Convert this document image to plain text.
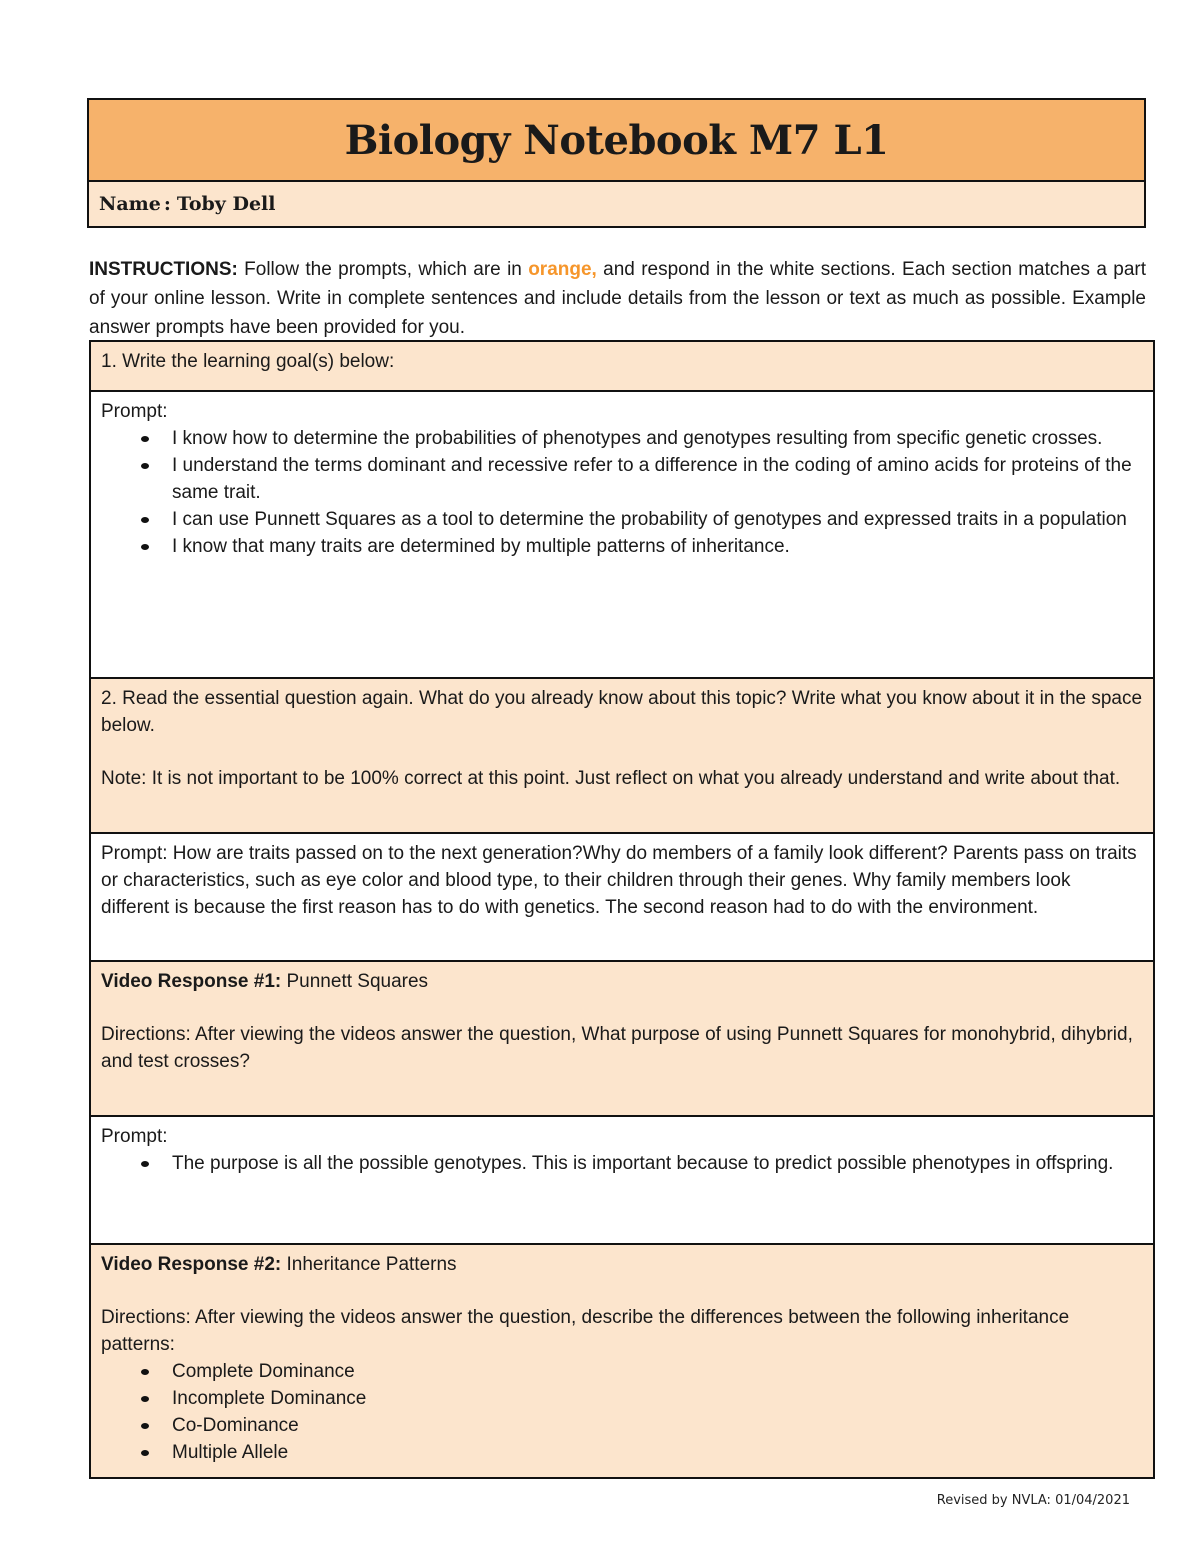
Biology Notebook M7 L1
Name : Toby Dell
INSTRUCTIONS: Follow the prompts, which are in orange, and respond in the white sections. Each section matches a part of your online lesson. Write in complete sentences and include details from the lesson or text as much as possible. Example answer prompts have been provided for you.

1. Write the learning goal(s) below:

Prompt:

I know how to determine the probabilities of phenotypes and genotypes resulting from specific genetic crosses.
I understand the terms dominant and recessive refer to a difference in the coding of amino acids for proteins of the same trait.
I can use Punnett Squares as a tool to determine the probability of genotypes and expressed traits in a population
I know that many traits are determined by multiple patterns of inheritance.

2. Read the essential question again. What do you already know about this topic? Write what you know about it in the space below.

Note: It is not important to be 100% correct at this point. Just reflect on what you already understand and write about that.

Prompt: How are traits passed on to the next generation?Why do members of a family look different? Parents pass on traits or characteristics, such as eye color and blood type, to their children through their genes. Why family members look different is because the first reason has to do with genetics. The second reason had to do with the environment.

Video Response #1: Punnett Squares

Directions: After viewing the videos answer the question, What purpose of using Punnett Squares for monohybrid, dihybrid, and test crosses?

Prompt:

The purpose is all the possible genotypes. This is important because to predict possible phenotypes in offspring.

Video Response #2: Inheritance Patterns

Directions: After viewing the videos answer the question, describe the differences between the following inheritance patterns:

Complete Dominance
Incomplete Dominance
Co-Dominance
Multiple Allele
Revised by NVLA: 01/04/2021
